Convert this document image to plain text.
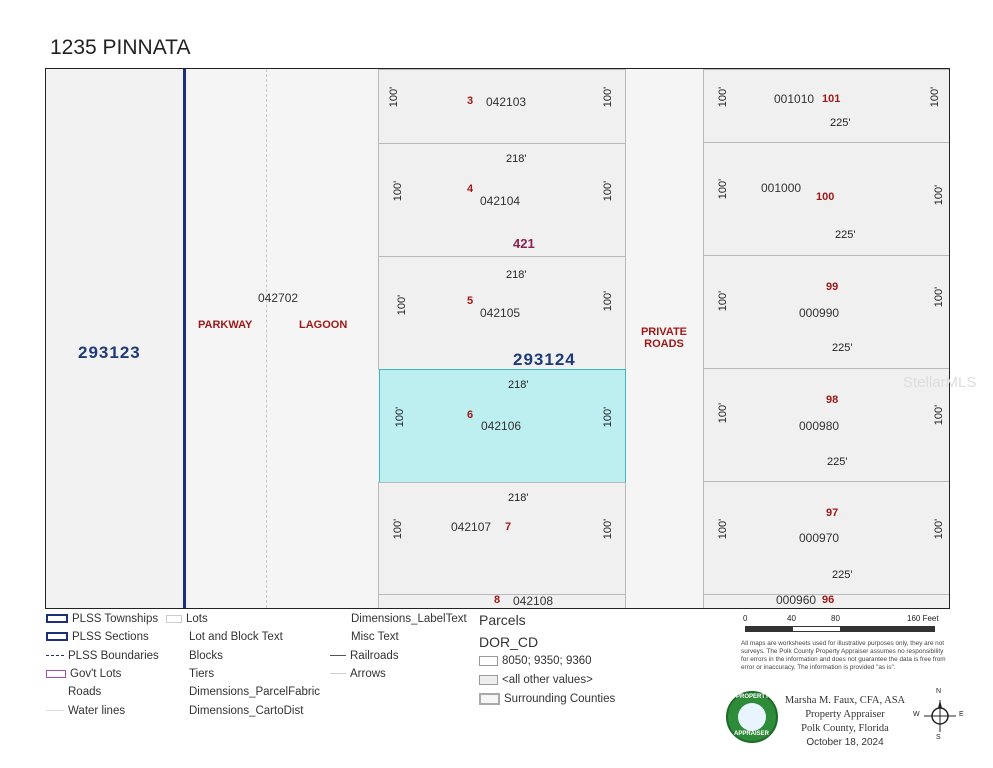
1235 PINNATA
293123	293124
421
042702
PARKWAY	LAGOON
PRIVATE
ROADS
3 042103
100'	100'
218'
4
042104
100'	100'
218'
5
042105
100'	100'
218'
6
042106
100'	100'
218'
042107 7
100'	100'
8 042108
001010 101
225'
100'	100'
001000
100
225'
100'	100'
99
000990
225'
100'	100'
98
000980
225'
100'	100'
97
000970
225'
100'	100'
000960 96
StellarMLS
PLSS Townships
PLSS Sections
PLSS Boundaries
Gov't Lots
Roads
Water lines
Lots
Lot and Block Text
Blocks
Tiers
Dimensions_ParcelFabric
Dimensions_CartoDist
Dimensions_LabelText
Misc Text
Railroads
Arrows
Parcels
DOR_CD
8050; 9350; 9360
<all other values>
Surrounding Counties
0	40	80	160 Feet
All maps are worksheets used for illustrative purposes only, they are not surveys. The Polk County Property Appraiser assumes no responsibility for errors in the information and does not guarantee the data is free from error or inaccuracy. The information is provided "as is".
PROPERTY
APPRAISER
Marsha M. Faux, CFA, ASA
Property Appraiser
Polk County, Florida
October 18, 2024
N
W	E
S
